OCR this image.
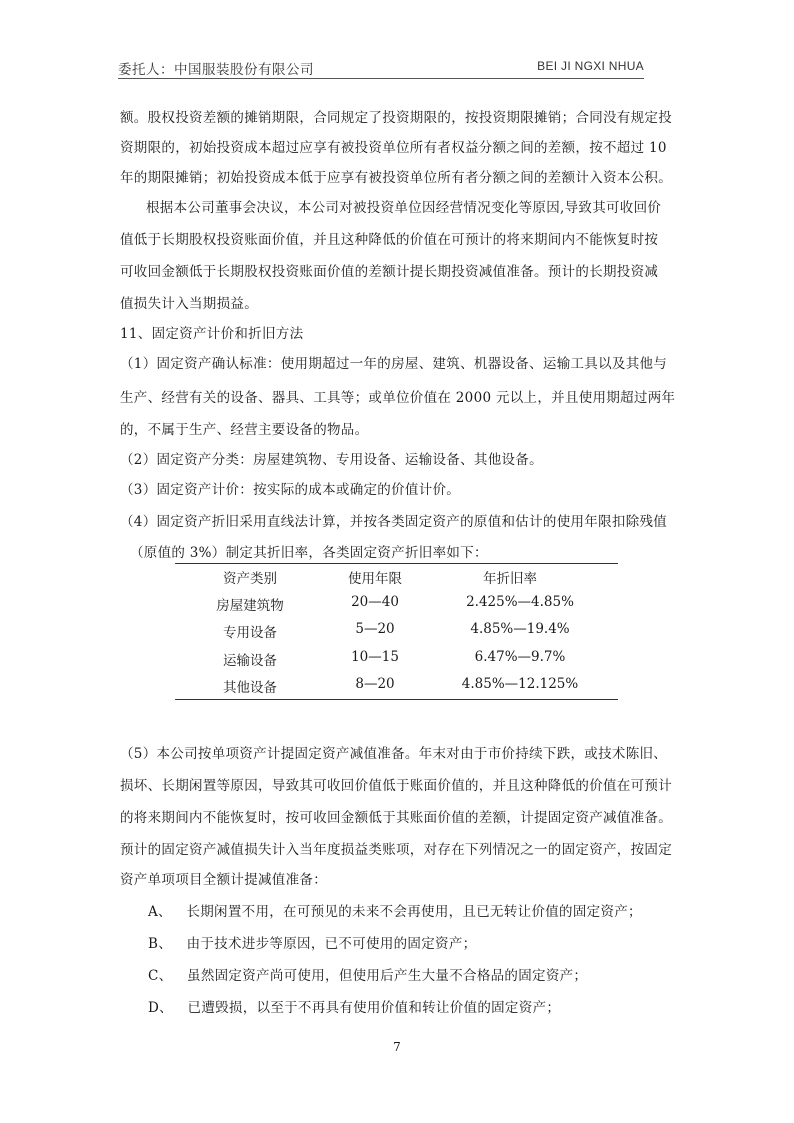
委托人：中国服装股份有限公司	BEI JI NGXI NHUA
额。股权投资差额的摊销期限，合同规定了投资期限的，按投资期限摊销；合同没有规定投
资期限的，初始投资成本超过应享有被投资单位所有者权益分额之间的差额，按不超过 10
年的期限摊销；初始投资成本低于应享有被投资单位所有者分额之间的差额计入资本公积。
根据本公司董事会决议，本公司对被投资单位因经营情况变化等原因,导致其可收回价
值低于长期股权投资账面价值，并且这种降低的价值在可预计的将来期间内不能恢复时按
可收回金额低于长期股权投资账面价值的差额计提长期投资减值准备。预计的长期投资减
值损失计入当期损益。
11、固定资产计价和折旧方法
（1）固定资产确认标准：使用期超过一年的房屋、建筑、机器设备、运输工具以及其他与
生产、经营有关的设备、器具、工具等；或单位价值在 2000 元以上，并且使用期超过两年
的，不属于生产、经营主要设备的物品。
（2）固定资产分类：房屋建筑物、专用设备、运输设备、其他设备。
（3）固定资产计价：按实际的成本或确定的价值计价。
（4）固定资产折旧采用直线法计算，并按各类固定资产的原值和估计的使用年限扣除残值
（原值的 3%）制定其折旧率，各类固定资产折旧率如下：
资产类别	使用年限	年折旧率
房屋建筑物	20—40	2.425%—4.85%
专用设备	5—20	4.85%—19.4%
运输设备	10—15	6.47%—9.7%
其他设备	8—20	4.85%—12.125%
（5）本公司按单项资产计提固定资产减值准备。年末对由于市价持续下跌，或技术陈旧、
损坏、长期闲置等原因，导致其可收回价值低于账面价值的，并且这种降低的价值在可预计
的将来期间内不能恢复时，按可收回金额低于其账面价值的差额，计提固定资产减值准备。
预计的固定资产减值损失计入当年度损益类账项，对存在下列情况之一的固定资产，按固定
资产单项项目全额计提减值准备：
A、 长期闲置不用，在可预见的未来不会再使用，且已无转让价值的固定资产；
B、 由于技术进步等原因，已不可使用的固定资产；
C、 虽然固定资产尚可使用，但使用后产生大量不合格品的固定资产；
D、 已遭毁损，以至于不再具有使用价值和转让价值的固定资产；
7
